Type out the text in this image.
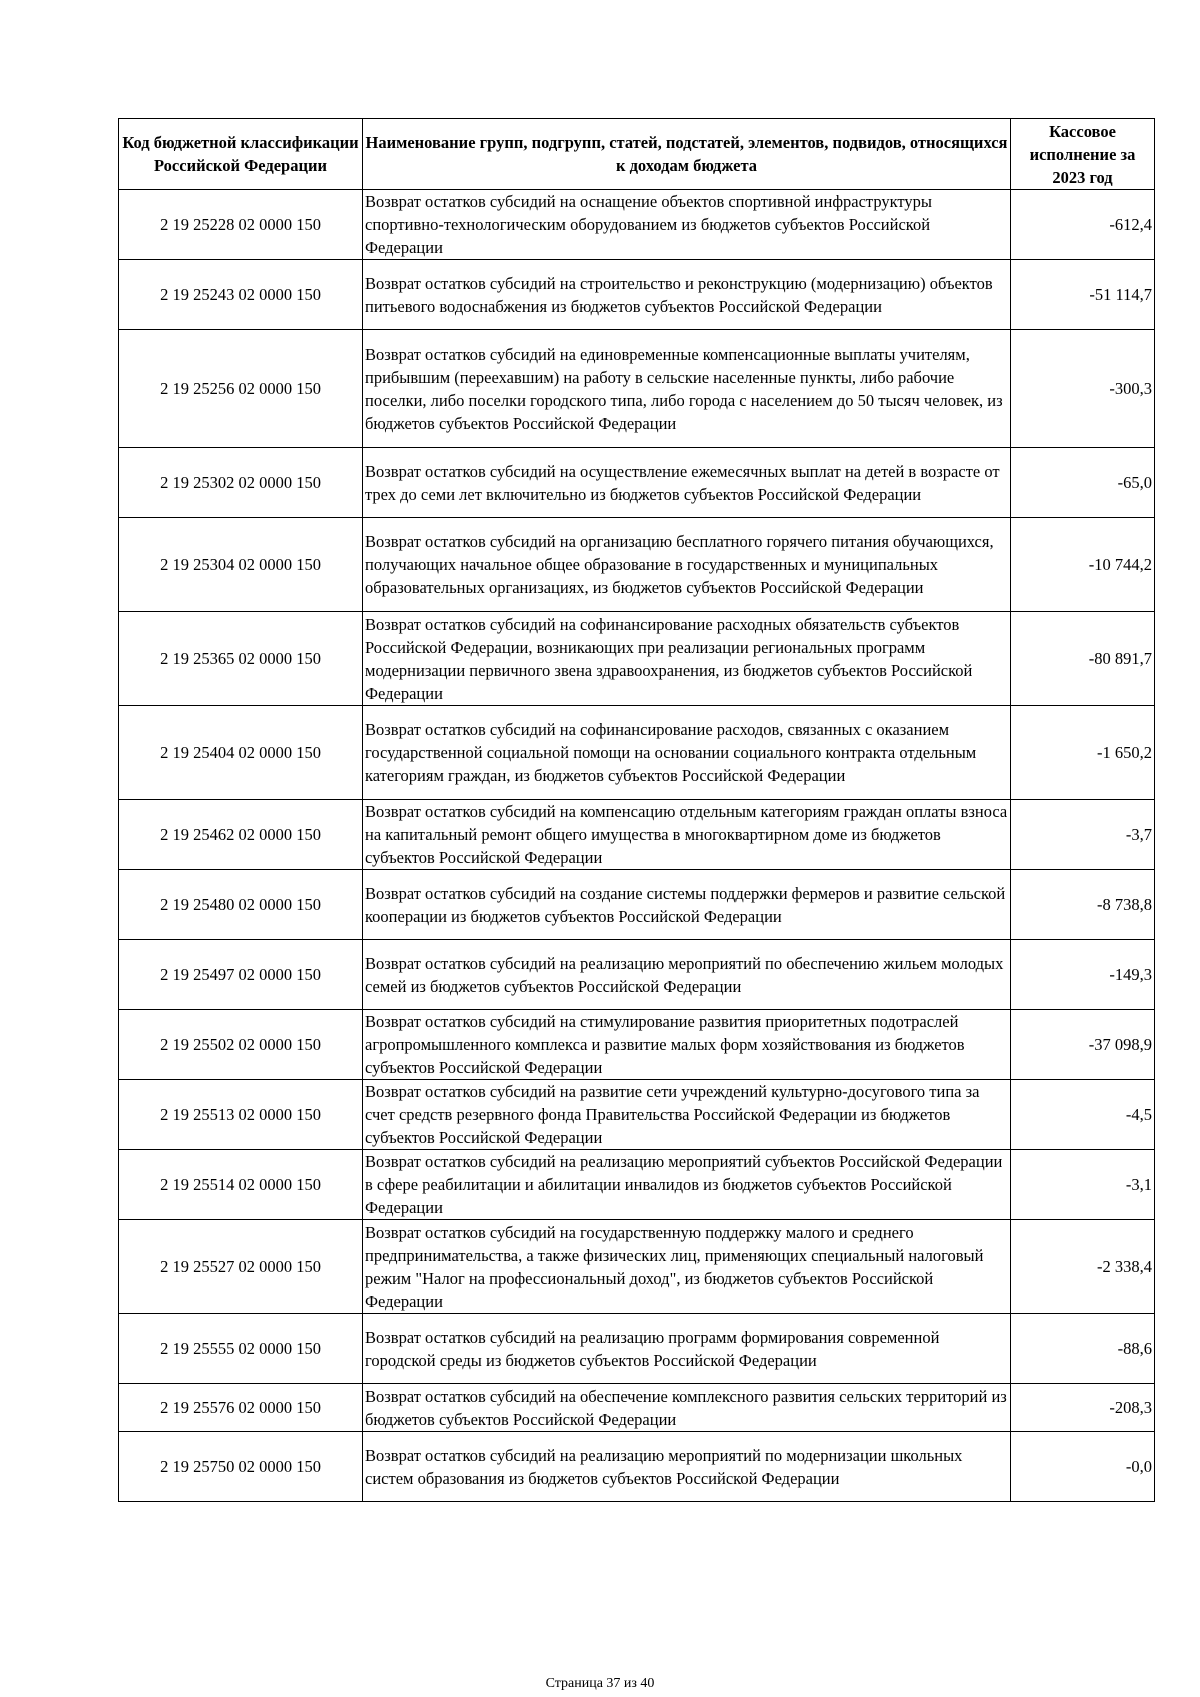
Код бюджетной классификации Российской Федерации	Наименование групп, подгрупп, статей, подстатей, элементов, подвидов, относящихся к доходам бюджета	Кассовое исполнение за 2023 год
2 19 25228 02 0000 150	Возврат остатков субсидий на оснащение объектов спортивной инфраструктуры спортивно-технологическим оборудованием из бюджетов субъектов Российской Федерации	-612,4
2 19 25243 02 0000 150	Возврат остатков субсидий на строительство и реконструкцию (модернизацию) объектов питьевого водоснабжения из бюджетов субъектов Российской Федерации	-51 114,7
2 19 25256 02 0000 150	Возврат остатков субсидий на единовременные компенсационные выплаты учителям, прибывшим (переехавшим) на работу в сельские населенные пункты, либо рабочие поселки, либо поселки городского типа, либо города с населением до 50 тысяч человек, из бюджетов субъектов Российской Федерации	-300,3
2 19 25302 02 0000 150	Возврат остатков субсидий на осуществление ежемесячных выплат на детей в возрасте от трех до семи лет включительно из бюджетов субъектов Российской Федерации	-65,0
2 19 25304 02 0000 150	Возврат остатков субсидий на организацию бесплатного горячего питания обучающихся, получающих начальное общее образование в государственных и муниципальных образовательных организациях, из бюджетов субъектов Российской Федерации	-10 744,2
2 19 25365 02 0000 150	Возврат остатков субсидий на софинансирование расходных обязательств субъектов Российской Федерации, возникающих при реализации региональных программ модернизации первичного звена здравоохранения, из бюджетов субъектов Российской Федерации	-80 891,7
2 19 25404 02 0000 150	Возврат остатков субсидий на софинансирование расходов, связанных с оказанием государственной социальной помощи на основании социального контракта отдельным категориям граждан, из бюджетов субъектов Российской Федерации	-1 650,2
2 19 25462 02 0000 150	Возврат остатков субсидий на компенсацию отдельным категориям граждан оплаты взноса на капитальный ремонт общего имущества в многоквартирном доме из бюджетов субъектов Российской Федерации	-3,7
2 19 25480 02 0000 150	Возврат остатков субсидий на создание системы поддержки фермеров и развитие сельской кооперации из бюджетов субъектов Российской Федерации	-8 738,8
2 19 25497 02 0000 150	Возврат остатков субсидий на реализацию мероприятий по обеспечению жильем молодых семей из бюджетов субъектов Российской Федерации	-149,3
2 19 25502 02 0000 150	Возврат остатков субсидий на стимулирование развития приоритетных подотраслей агропромышленного комплекса и развитие малых форм хозяйствования из бюджетов субъектов Российской Федерации	-37 098,9
2 19 25513 02 0000 150	Возврат остатков субсидий на развитие сети учреждений культурно-досугового типа за счет средств резервного фонда Правительства Российской Федерации из бюджетов субъектов Российской Федерации	-4,5
2 19 25514 02 0000 150	Возврат остатков субсидий на реализацию мероприятий субъектов Российской Федерации в сфере реабилитации и абилитации инвалидов из бюджетов субъектов Российской Федерации	-3,1
2 19 25527 02 0000 150	Возврат остатков субсидий на государственную поддержку малого и среднего предпринимательства, а также физических лиц, применяющих специальный налоговый режим "Налог на профессиональный доход", из бюджетов субъектов Российской Федерации	-2 338,4
2 19 25555 02 0000 150	Возврат остатков субсидий на реализацию программ формирования современной городской среды из бюджетов субъектов Российской Федерации	-88,6
2 19 25576 02 0000 150	Возврат остатков субсидий на обеспечение комплексного развития сельских территорий из бюджетов субъектов Российской Федерации	-208,3
2 19 25750 02 0000 150	Возврат остатков субсидий на реализацию мероприятий по модернизации школьных систем образования из бюджетов субъектов Российской Федерации	-0,0
Страница 37 из 40
